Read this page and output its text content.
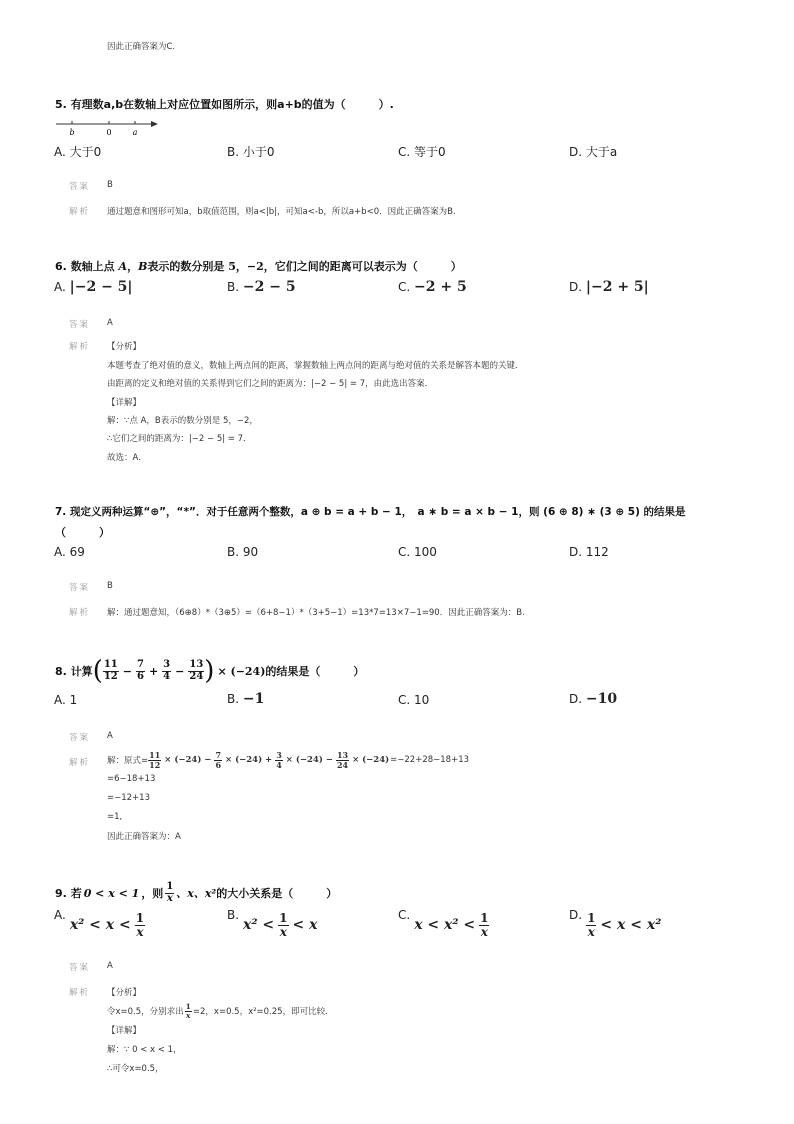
因此正确答案为C.
5. 有理数a,b在数轴上对应位置如图所示，则a+b的值为（　　　）.
b	0	a
A. 大于0	B. 小于0	C. 等于0	D. 大于a
答案 B
解析 通过题意和图形可知a，b取值范围，则a<|b|，可知a<-b，所以a+b<0．因此正确答案为B.
6. 数轴上点 A，B表示的数分别是 5，−2，它们之间的距离可以表示为（　　　）
A. |−2 − 5|	B. −2 − 5	C. −2 + 5	D. |−2 + 5|
答案 A
解析 【分析】
本题考查了绝对值的意义，数轴上两点间的距离，掌握数轴上两点间的距离与绝对值的关系是解答本题的关键．
由距离的定义和绝对值的关系得到它们之间的距离为：|−2 − 5| = 7，由此选出答案．
【详解】
解：∵点 A，B表示的数分别是 5，−2，
∴它们之间的距离为：|−2 − 5| = 7．
故选：A．
7. 现定义两种运算“⊕”，“*”．对于任意两个整数，a ⊕ b = a + b − 1，　a ∗ b = a × b − 1，则 (6 ⊕ 8) ∗ (3 ⊕ 5) 的结果是
（　　　）
A. 69	B. 90	C. 100	D. 112
答案 B
解析 解：通过题意知，（6⊕8）*（3⊕5）=（6+8−1）*（3+5−1）=13*7=13×7−1=90．因此正确答案为：B.
8.
计算 ( $\frac{11}{12} - \frac{7}{6} + \frac{3}{4} - \frac{13}{24}$ ) × (−24) 的结果是（　　　）
A. 1	B. −1	C. 10	D. −10
答案 A
解析 解：原式= $\frac{11}{12} \times (-24) - \frac{7}{6} \times (-24) + \frac{3}{4} \times (-24) - \frac{13}{24} \times (-24) =-22+28-18+13$
=6−18+13
=−12+13
=1,
因此正确答案为：A
9.
若 0 < x < 1 ，则 $\frac{1}{x}$ 、x、x² 的大小关系是（　　　）
A.
$x^2 < x < \frac{1}{x}$	B.
$x^2 < \frac{1}{x} < x$
C.
$x < x^2 < \frac{1}{x}$	D. $\frac{1}{x} < x < x^2$
答案 A
解析 【分析】
令x=0.5，分别求出 $\frac{1}{x} =2$，x=0.5，x²=0.25，即可比较．
【详解】
解：∵ 0 < x < 1，
∴可令x=0.5，
